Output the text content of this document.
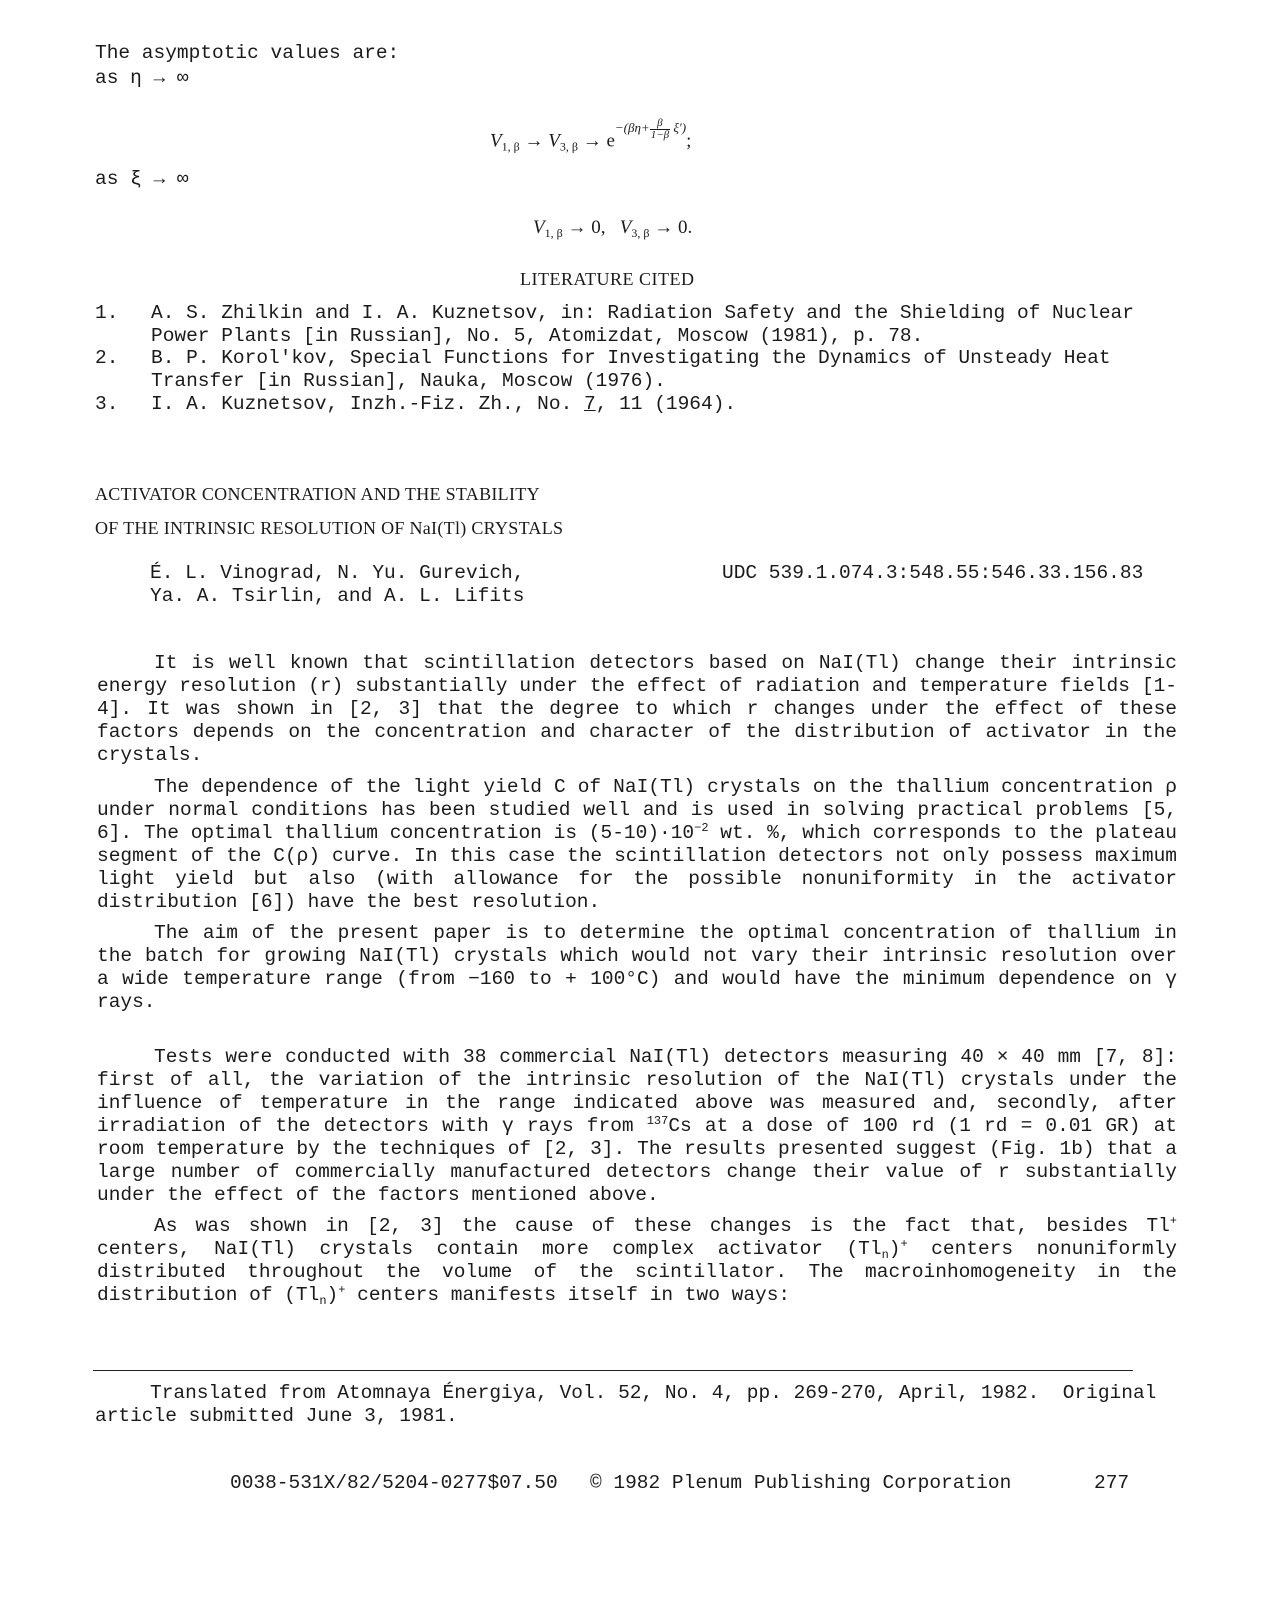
The asymptotic values are:
as η → ∞
$V_{1, \beta} \to V_{3, \beta} \to e^{-(\beta\eta+ \frac{\beta}{1-\beta} \xi')}$;
as ξ → ∞
$V_{1, \beta} \to 0$,   $V_{3, \beta} \to 0$.
LITERATURE CITED
1. A. S. Zhilkin and I. A. Kuznetsov, in: Radiation Safety and the Shielding of Nuclear
Power Plants [in Russian], No. 5, Atomizdat, Moscow (1981), p. 78.
2. B. P. Korol'kov, Special Functions for Investigating the Dynamics of Unsteady Heat
Transfer [in Russian], Nauka, Moscow (1976).
3. I. A. Kuznetsov, Inzh.-Fiz. Zh., No. 7, 11 (1964).
ACTIVATOR CONCENTRATION AND THE STABILITY
OF THE INTRINSIC RESOLUTION OF NaI(Tl) CRYSTALS
É. L. Vinograd, N. Yu. Gurevich,
Ya. A. Tsirlin, and A. L. Lifits
UDC 539.1.074.3:548.55:546.33.156.83
It is well known that scintillation detectors based on NaI(Tl) change their intrinsic energy resolution (r) substantially under the effect of radiation and temperature fields [1-4]. It was shown in [2, 3] that the degree to which r changes under the effect of these factors depends on the concentration and character of the distribution of activator in the crystals.
The dependence of the light yield C of NaI(Tl) crystals on the thallium concentration ρ under normal conditions has been studied well and is used in solving practical problems [5, 6]. The optimal thallium concentration is $(5-10)\cdot 10^{-2}$ wt. %, which corresponds to the plateau segment of the C(ρ) curve. In this case the scintillation detectors not only possess maximum light yield but also (with allowance for the possible nonuniformity in the activator distribution [6]) have the best resolution.
The aim of the present paper is to determine the optimal concentration of thallium in the batch for growing NaI(Tl) crystals which would not vary their intrinsic resolution over a wide temperature range (from −160 to + 100°C) and would have the minimum dependence on γ rays.
Tests were conducted with 38 commercial NaI(Tl) detectors measuring 40 × 40 mm [7, 8]: first of all, the variation of the intrinsic resolution of the NaI(Tl) crystals under the influence of temperature in the range indicated above was measured and, secondly, after irradiation of the detectors with γ rays from $^{137}$Cs at a dose of 100 rd (1 rd = 0.01 GR) at room temperature by the techniques of [2, 3]. The results presented suggest (Fig. 1b) that a large number of commercially manufactured detectors change their value of r substantially under the effect of the factors mentioned above.
As was shown in [2, 3] the cause of these changes is the fact that, besides Tl+ centers, NaI(Tl) crystals contain more complex activator $(Tl_n)^+$ centers nonuniformly distributed throughout the volume of the scintillator. The macroinhomogeneity in the distribution of $(Tl_n)^+$ centers manifests itself in two ways:
Translated from Atomnaya Énergiya, Vol. 52, No. 4, pp. 269-270, April, 1982.  Original
article submitted June 3, 1981.
0038-531X/82/5204-0277$07.50 © 1982 Plenum Publishing Corporation	277
